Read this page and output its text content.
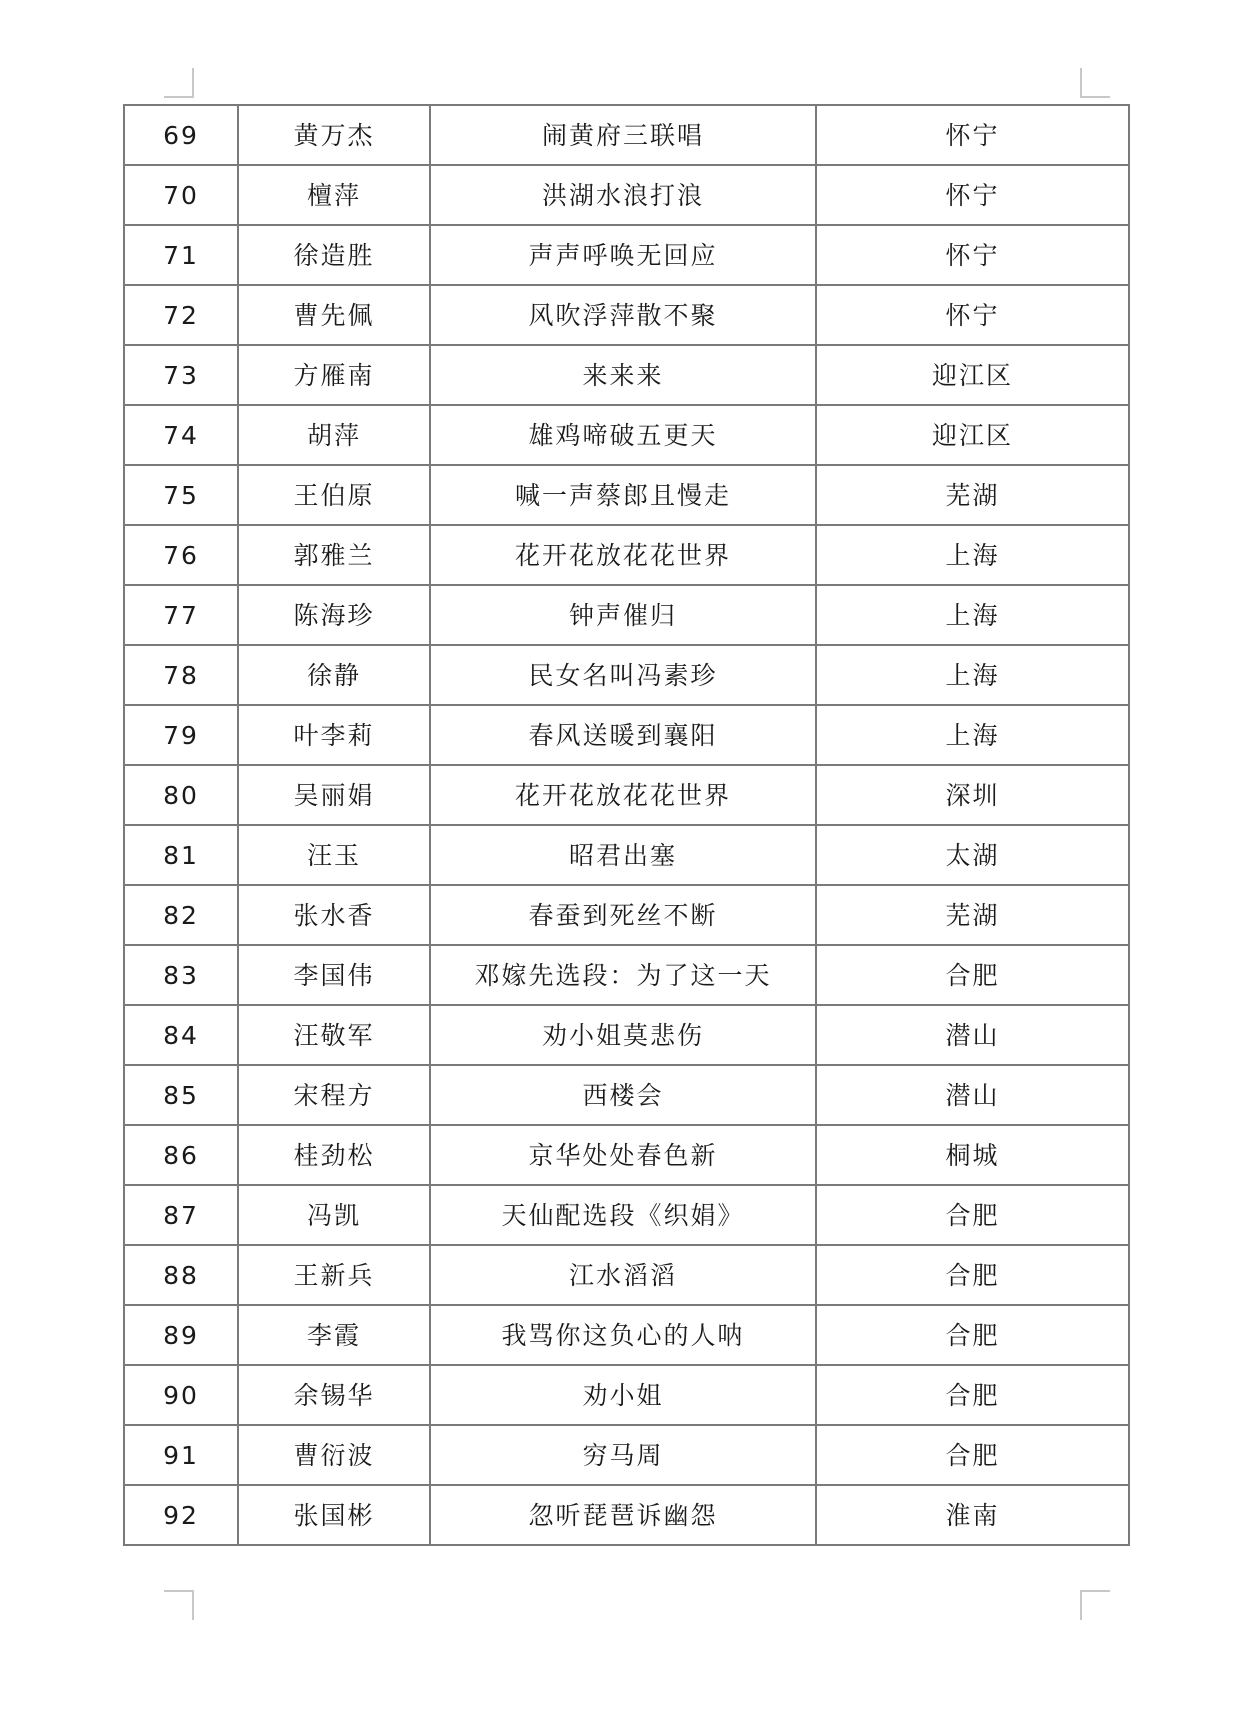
69	黄万杰	闹黄府三联唱	怀宁
70	檀萍	洪湖水浪打浪	怀宁
71	徐造胜	声声呼唤无回应	怀宁
72	曹先佩	风吹浮萍散不聚	怀宁
73	方雁南	来来来	迎江区
74	胡萍	雄鸡啼破五更天	迎江区
75	王伯原	喊一声蔡郎且慢走	芜湖
76	郭雅兰	花开花放花花世界	上海
77	陈海珍	钟声催归	上海
78	徐静	民女名叫冯素珍	上海
79	叶李莉	春风送暖到襄阳	上海
80	吴丽娟	花开花放花花世界	深圳
81	汪玉	昭君出塞	太湖
82	张水香	春蚕到死丝不断	芜湖
83	李国伟	邓嫁先选段：为了这一天	合肥
84	汪敬军	劝小姐莫悲伤	潜山
85	宋程方	西楼会	潜山
86	桂劲松	京华处处春色新	桐城
87	冯凯	天仙配选段《织娟》	合肥
88	王新兵	江水滔滔	合肥
89	李霞	我骂你这负心的人呐	合肥
90	余锡华	劝小姐	合肥
91	曹衍波	穷马周	合肥
92	张国彬	忽听琵琶诉幽怨	淮南
